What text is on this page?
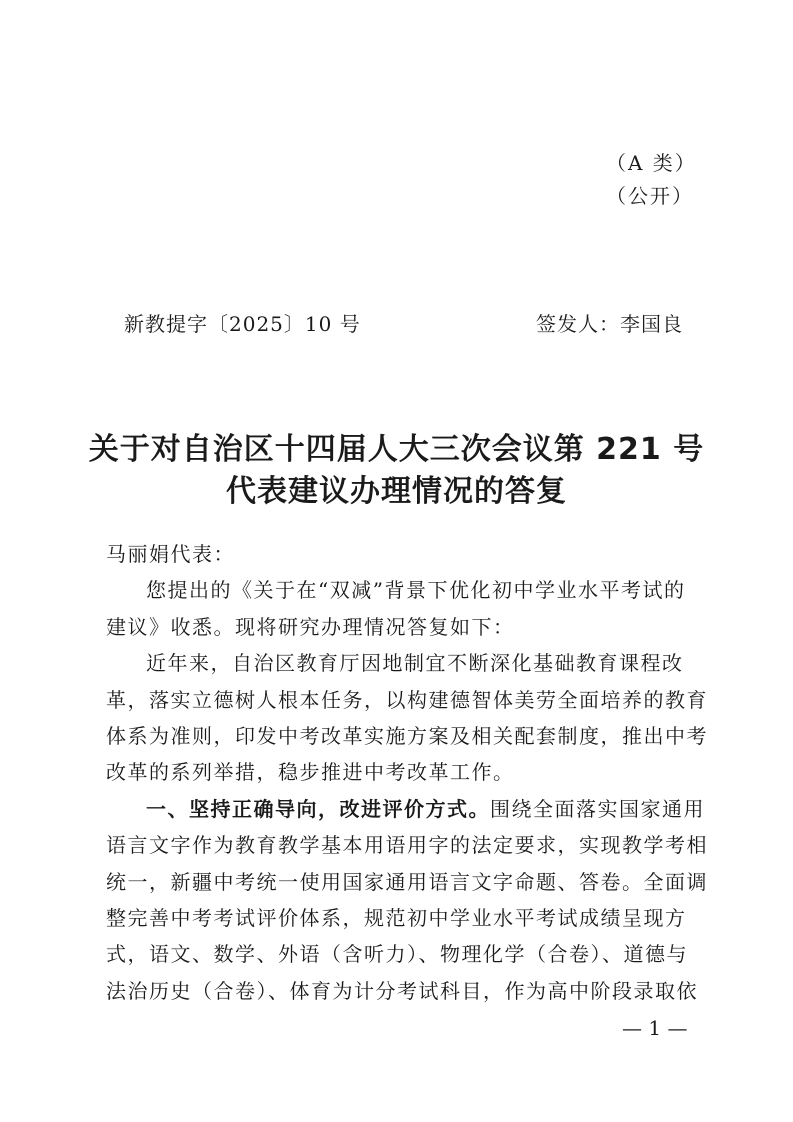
（A 类）
（公开）
新教提字〔2025〕10 号	签发人：李国良
关于对自治区十四届人大三次会议第 221 号
代表建议办理情况的答复
马丽娟代表：
您提出的《关于在“双减”背景下优化初中学业水平考试的
建议》收悉。现将研究办理情况答复如下：
近年来，自治区教育厅因地制宜不断深化基础教育课程改
革，落实立德树人根本任务，以构建德智体美劳全面培养的教育
体系为准则，印发中考改革实施方案及相关配套制度，推出中考
改革的系列举措，稳步推进中考改革工作。
一、坚持正确导向，改进评价方式。围绕全面落实国家通用
语言文字作为教育教学基本用语用字的法定要求，实现教学考相
统一，新疆中考统一使用国家通用语言文字命题、答卷。全面调
整完善中考考试评价体系，规范初中学业水平考试成绩呈现方
式，语文、数学、外语（含听力）、物理化学（合卷）、道德与
法治历史（合卷）、体育为计分考试科目，作为高中阶段录取依
— 1 —
